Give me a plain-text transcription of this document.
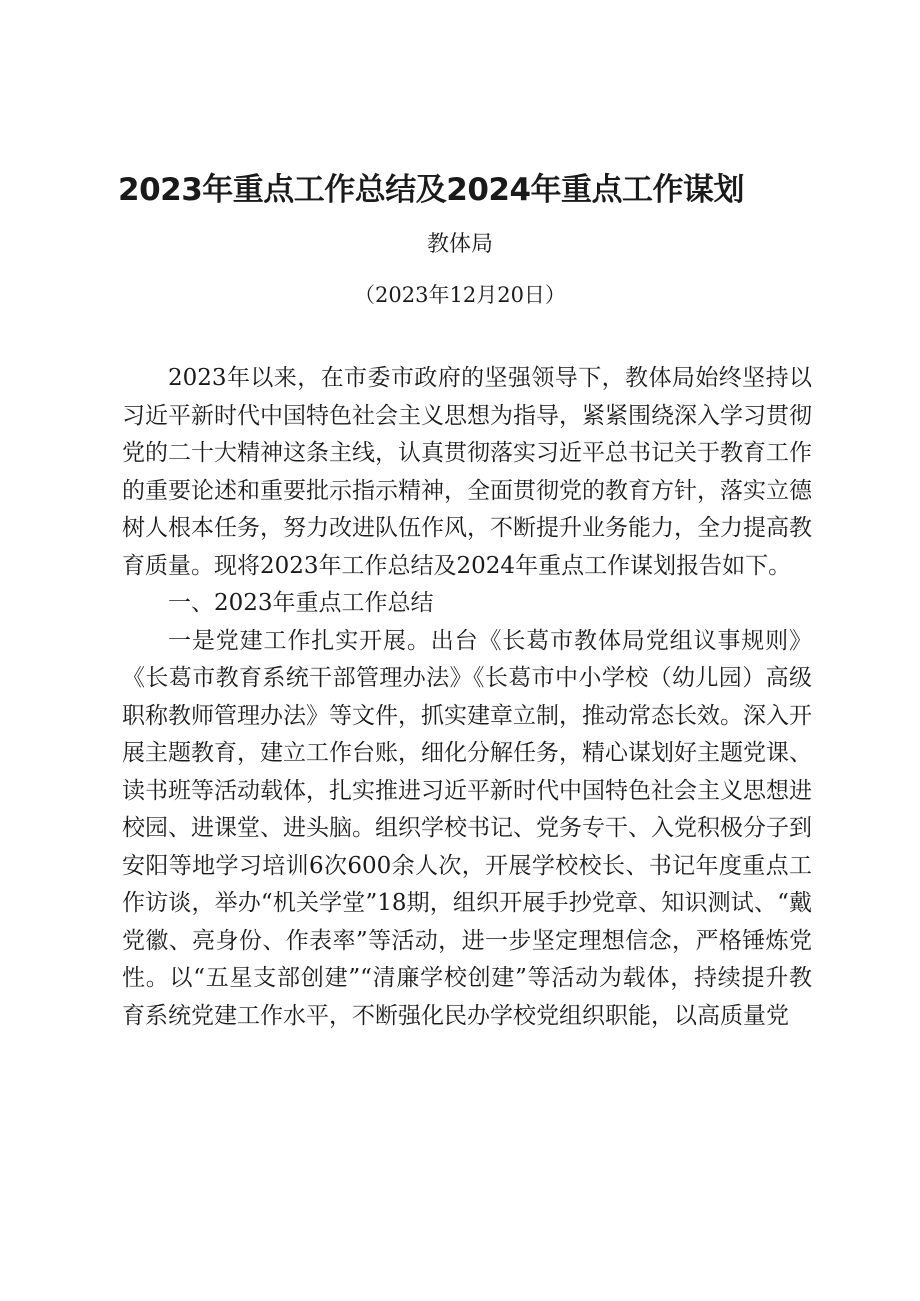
2023年重点工作总结及2024年重点工作谋划
教体局
（2023年12月20日）

2023年以来，在市委市政府的坚强领导下，教体局始终坚持以习近平新时代中国特色社会主义思想为指导，紧紧围绕深入学习贯彻党的二十大精神这条主线，认真贯彻落实习近平总书记关于教育工作的重要论述和重要批示指示精神，全面贯彻党的教育方针，落实立德树人根本任务，努力改进队伍作风，不断提升业务能力，全力提高教育质量。现将2023年工作总结及2024年重点工作谋划报告如下。

一、2023年重点工作总结

一是党建工作扎实开展。出台《长葛市教体局党组议事规则》《长葛市教育系统干部管理办法》《长葛市中小学校（幼儿园）高级职称教师管理办法》等文件，抓实建章立制，推动常态长效。深入开展主题教育，建立工作台账，细化分解任务，精心谋划好主题党课、读书班等活动载体，扎实推进习近平新时代中国特色社会主义思想进校园、进课堂、进头脑。组织学校书记、党务专干、入党积极分子到安阳等地学习培训6次600余人次，开展学校校长、书记年度重点工作访谈，举办“机关学堂”18期，组织开展手抄党章、知识测试、“戴党徽、亮身份、作表率”等活动，进一步坚定理想信念，严格锤炼党性。以“五星支部创建”“清廉学校创建”等活动为载体，持续提升教育系统党建工作水平，不断强化民办学校党组织职能，以高质量党
